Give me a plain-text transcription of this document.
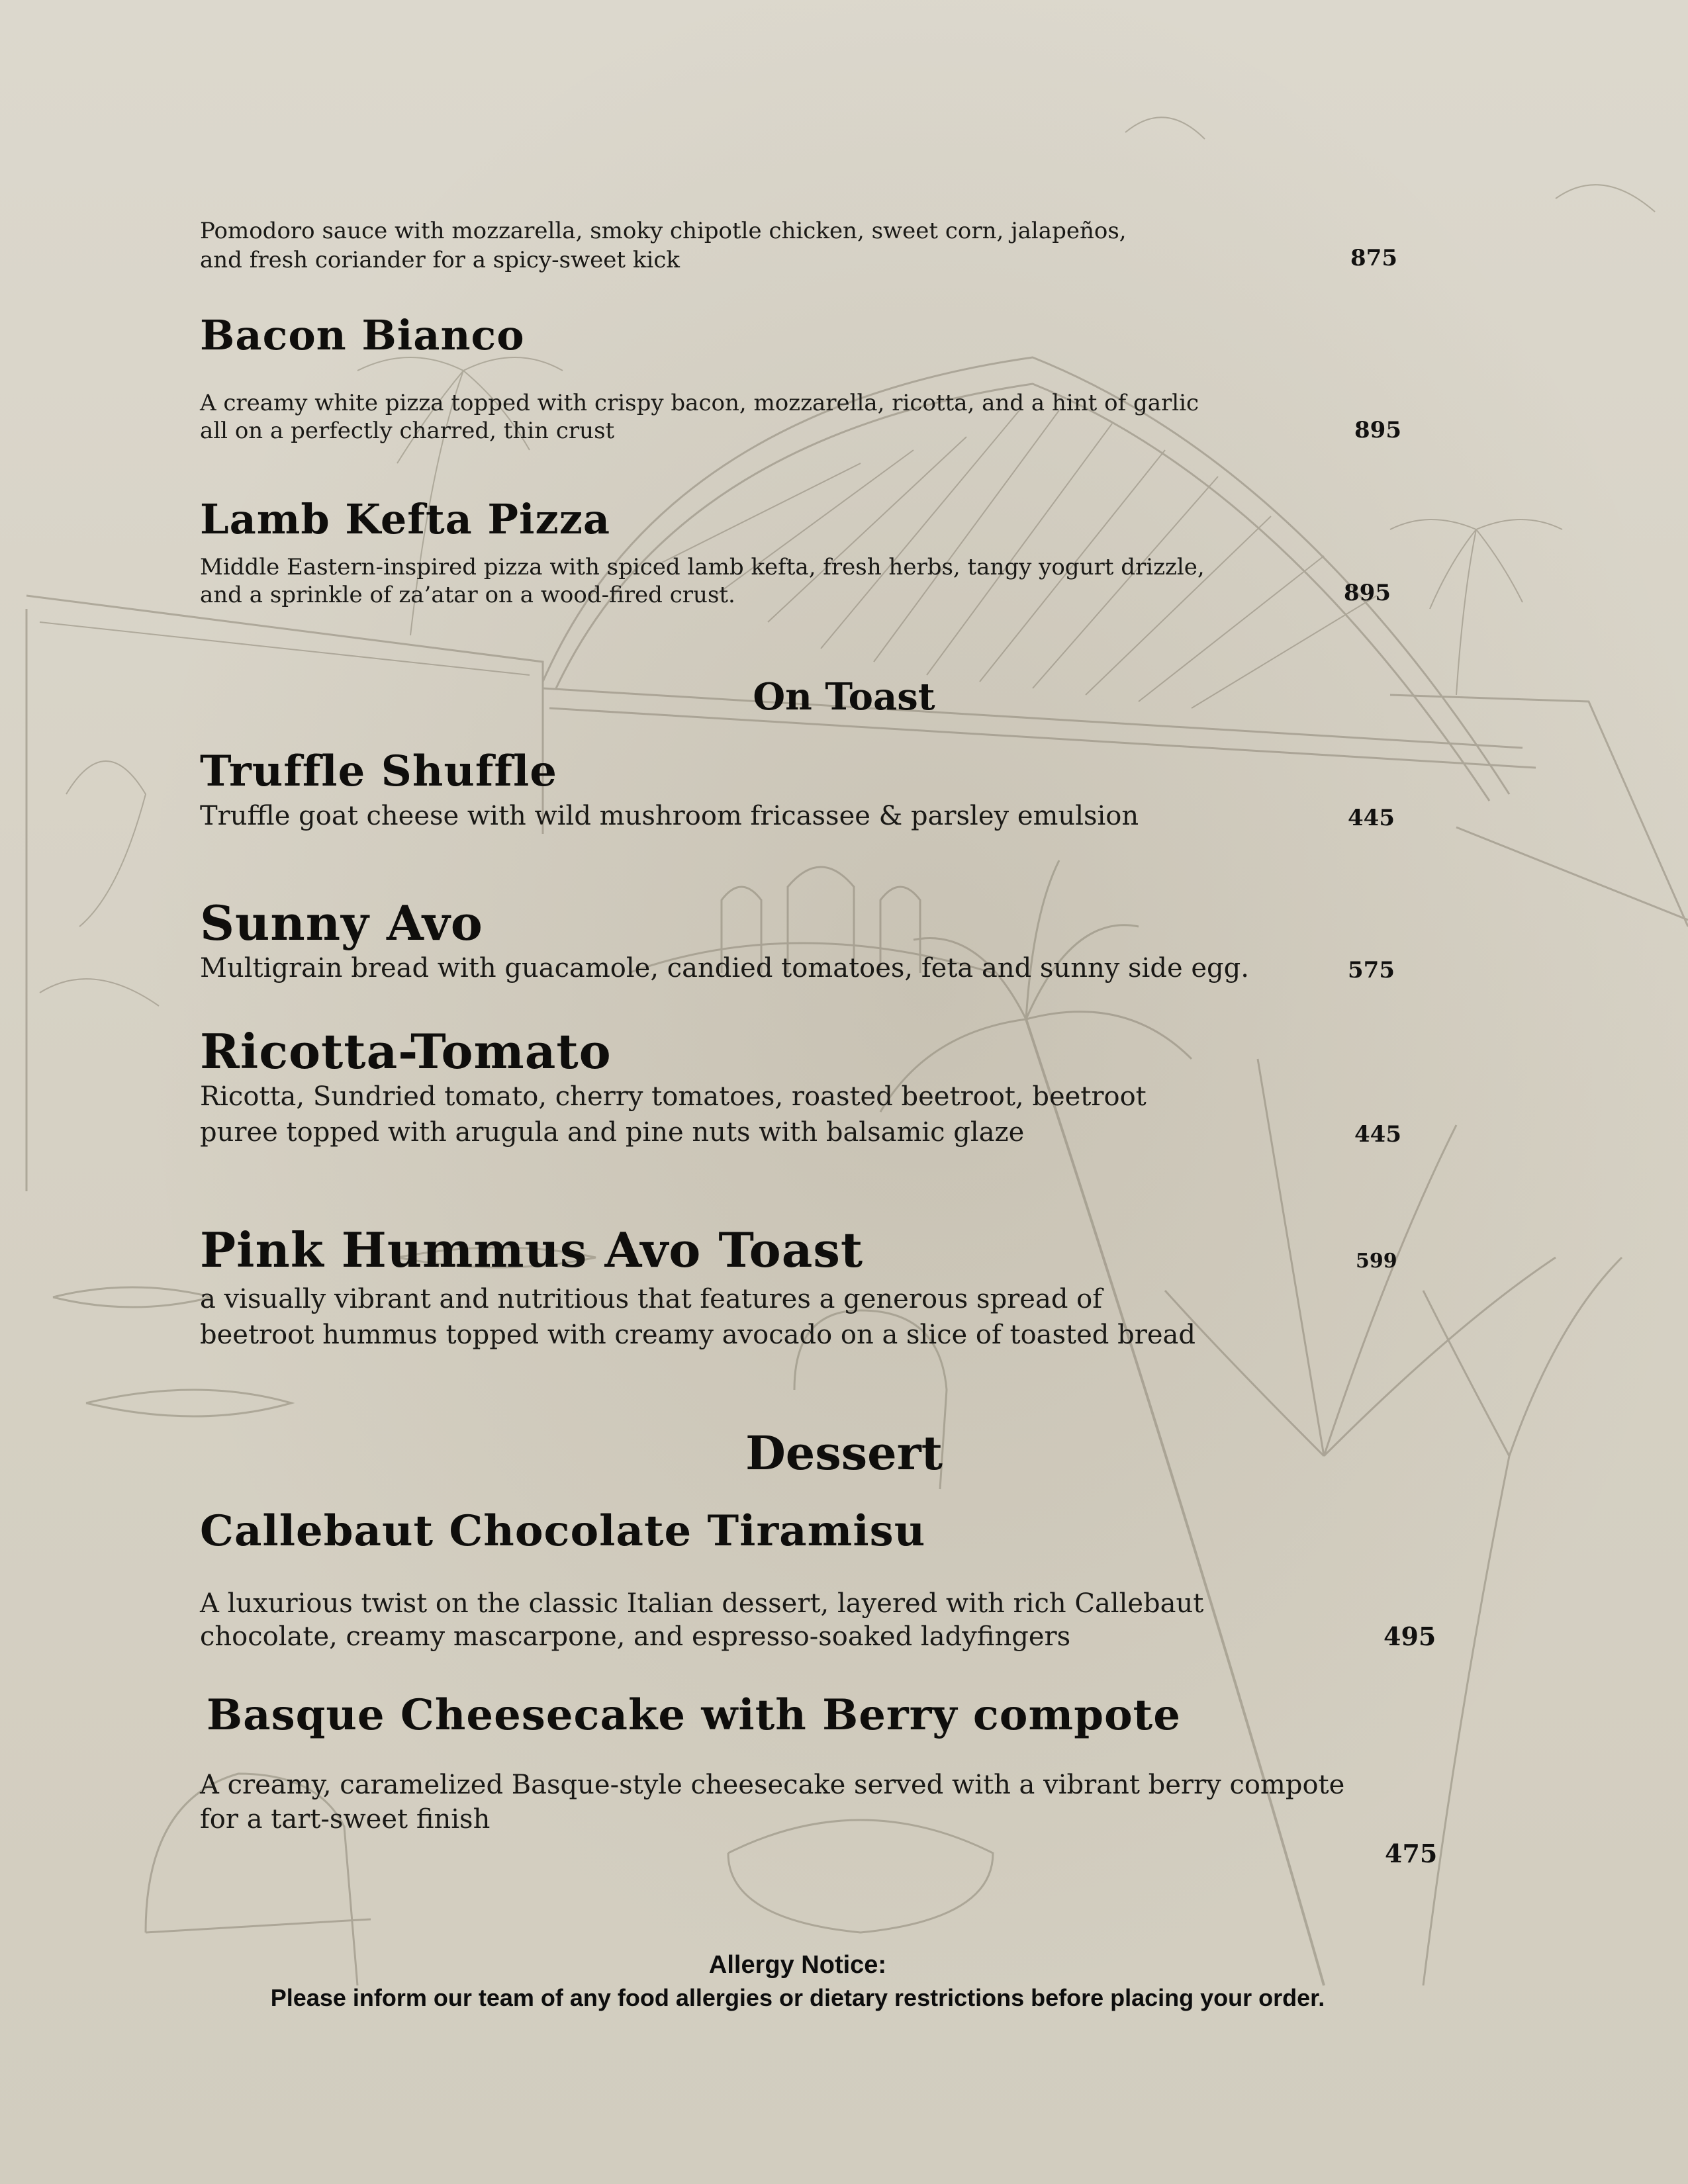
Pomodoro sauce with mozzarella, smoky chipotle chicken, sweet corn, jalapeños,
and fresh coriander for a spicy-sweet kick	875
Bacon Bianco
A creamy white pizza topped with crispy bacon, mozzarella, ricotta, and a hint of garlic
all on a perfectly charred, thin crust	895
Lamb Kefta Pizza
Middle Eastern-inspired pizza with spiced lamb kefta, fresh herbs, tangy yogurt drizzle,
and a sprinkle of za’atar on a wood-fired crust.	895
On Toast
Truffle Shuffle
Truffle goat cheese with wild mushroom fricassee & parsley emulsion	445
Sunny Avo
Multigrain bread with guacamole, candied tomatoes, feta and sunny side egg.	575
Ricotta-Tomato
Ricotta, Sundried tomato, cherry tomatoes, roasted beetroot, beetroot
puree topped with arugula and pine nuts with balsamic glaze	445
Pink Hummus Avo Toast	599
a visually vibrant and nutritious that features a generous spread of
beetroot hummus topped with creamy avocado on a slice of toasted bread
Dessert
Callebaut Chocolate Tiramisu
A luxurious twist on the classic Italian dessert, layered with rich Callebaut
chocolate, creamy mascarpone, and espresso-soaked ladyfingers	495
Basque Cheesecake with Berry compote
A creamy, caramelized Basque-style cheesecake served with a vibrant berry compote
for a tart-sweet finish
475
Allergy Notice:
Please inform our team of any food allergies or dietary restrictions before placing your order.
